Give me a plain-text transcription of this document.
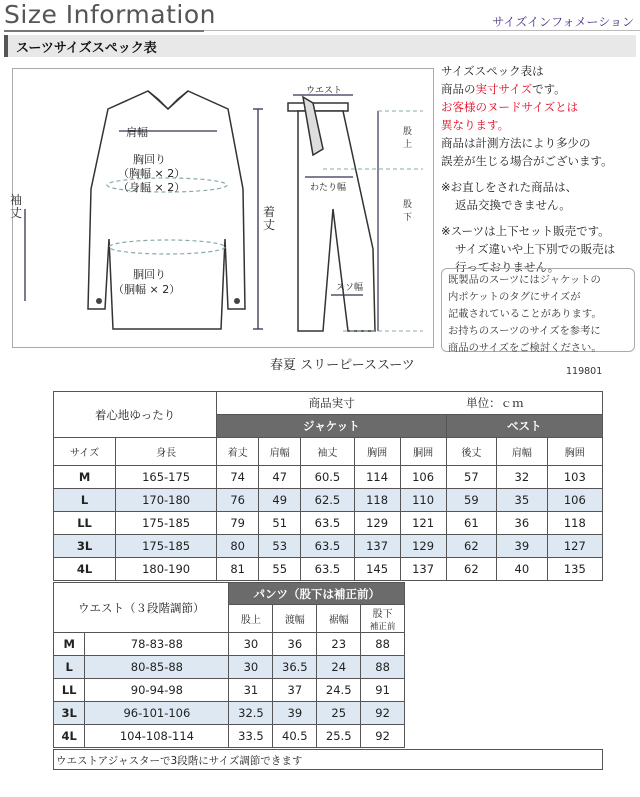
Size Information	サイズインフォメーション
スーツサイズスペック表
肩幅
胸回り
（胸幅 × 2）
（身幅 × 2）
胴回り
（胴幅 × 2）
袖丈	着丈
ウエスト
股上
わたり幅
股下
スソ幅
サイズスペック表は
商品の実寸サイズです。
お客様のヌードサイズとは
異なります。
商品は計測方法により多少の
誤差が生じる場合がございます。
※お直しをされた商品は、
返品交換できません。
※スーツは上下セット販売です。
サイズ違いや上下別での販売は
行っておりません。
既製品のスーツにはジャケットの
内ポケットのタグにサイズが
記載されていることがあります。
お持ちのスーツのサイズを参考に
商品のサイズをご検討ください。
春夏 スリーピーススーツ	119801
着心地ゆったり		商品実寸					単位：ｃｍ		
		ジャケット					ベスト		
サイズ	身長	着丈	肩幅	袖丈	胸囲	胴囲	後丈	肩幅	胸囲
M	165-175	74	47	60.5	114	106	57	32	103
L	170-180	76	49	62.5	118	110	59	35	106
LL	175-185	79	51	63.5	129	121	61	36	118
3L	175-185	80	53	63.5	137	129	62	39	127
4L	180-190	81	55	63.5	145	137	62	40	135
ウエスト（３段階調節）		パンツ（股下は補正前）			
		股上	渡幅	裾幅	股下
補正前

M	78-83-88	30	36	23	88
L	80-85-88	30	36.5	24	88
LL	90-94-98	31	37	24.5	91
3L	96-101-106	32.5	39	25	92
4L	104-108-114	33.5	40.5	25.5	92
ウエストアジャスターで3段階にサイズ調節できます
